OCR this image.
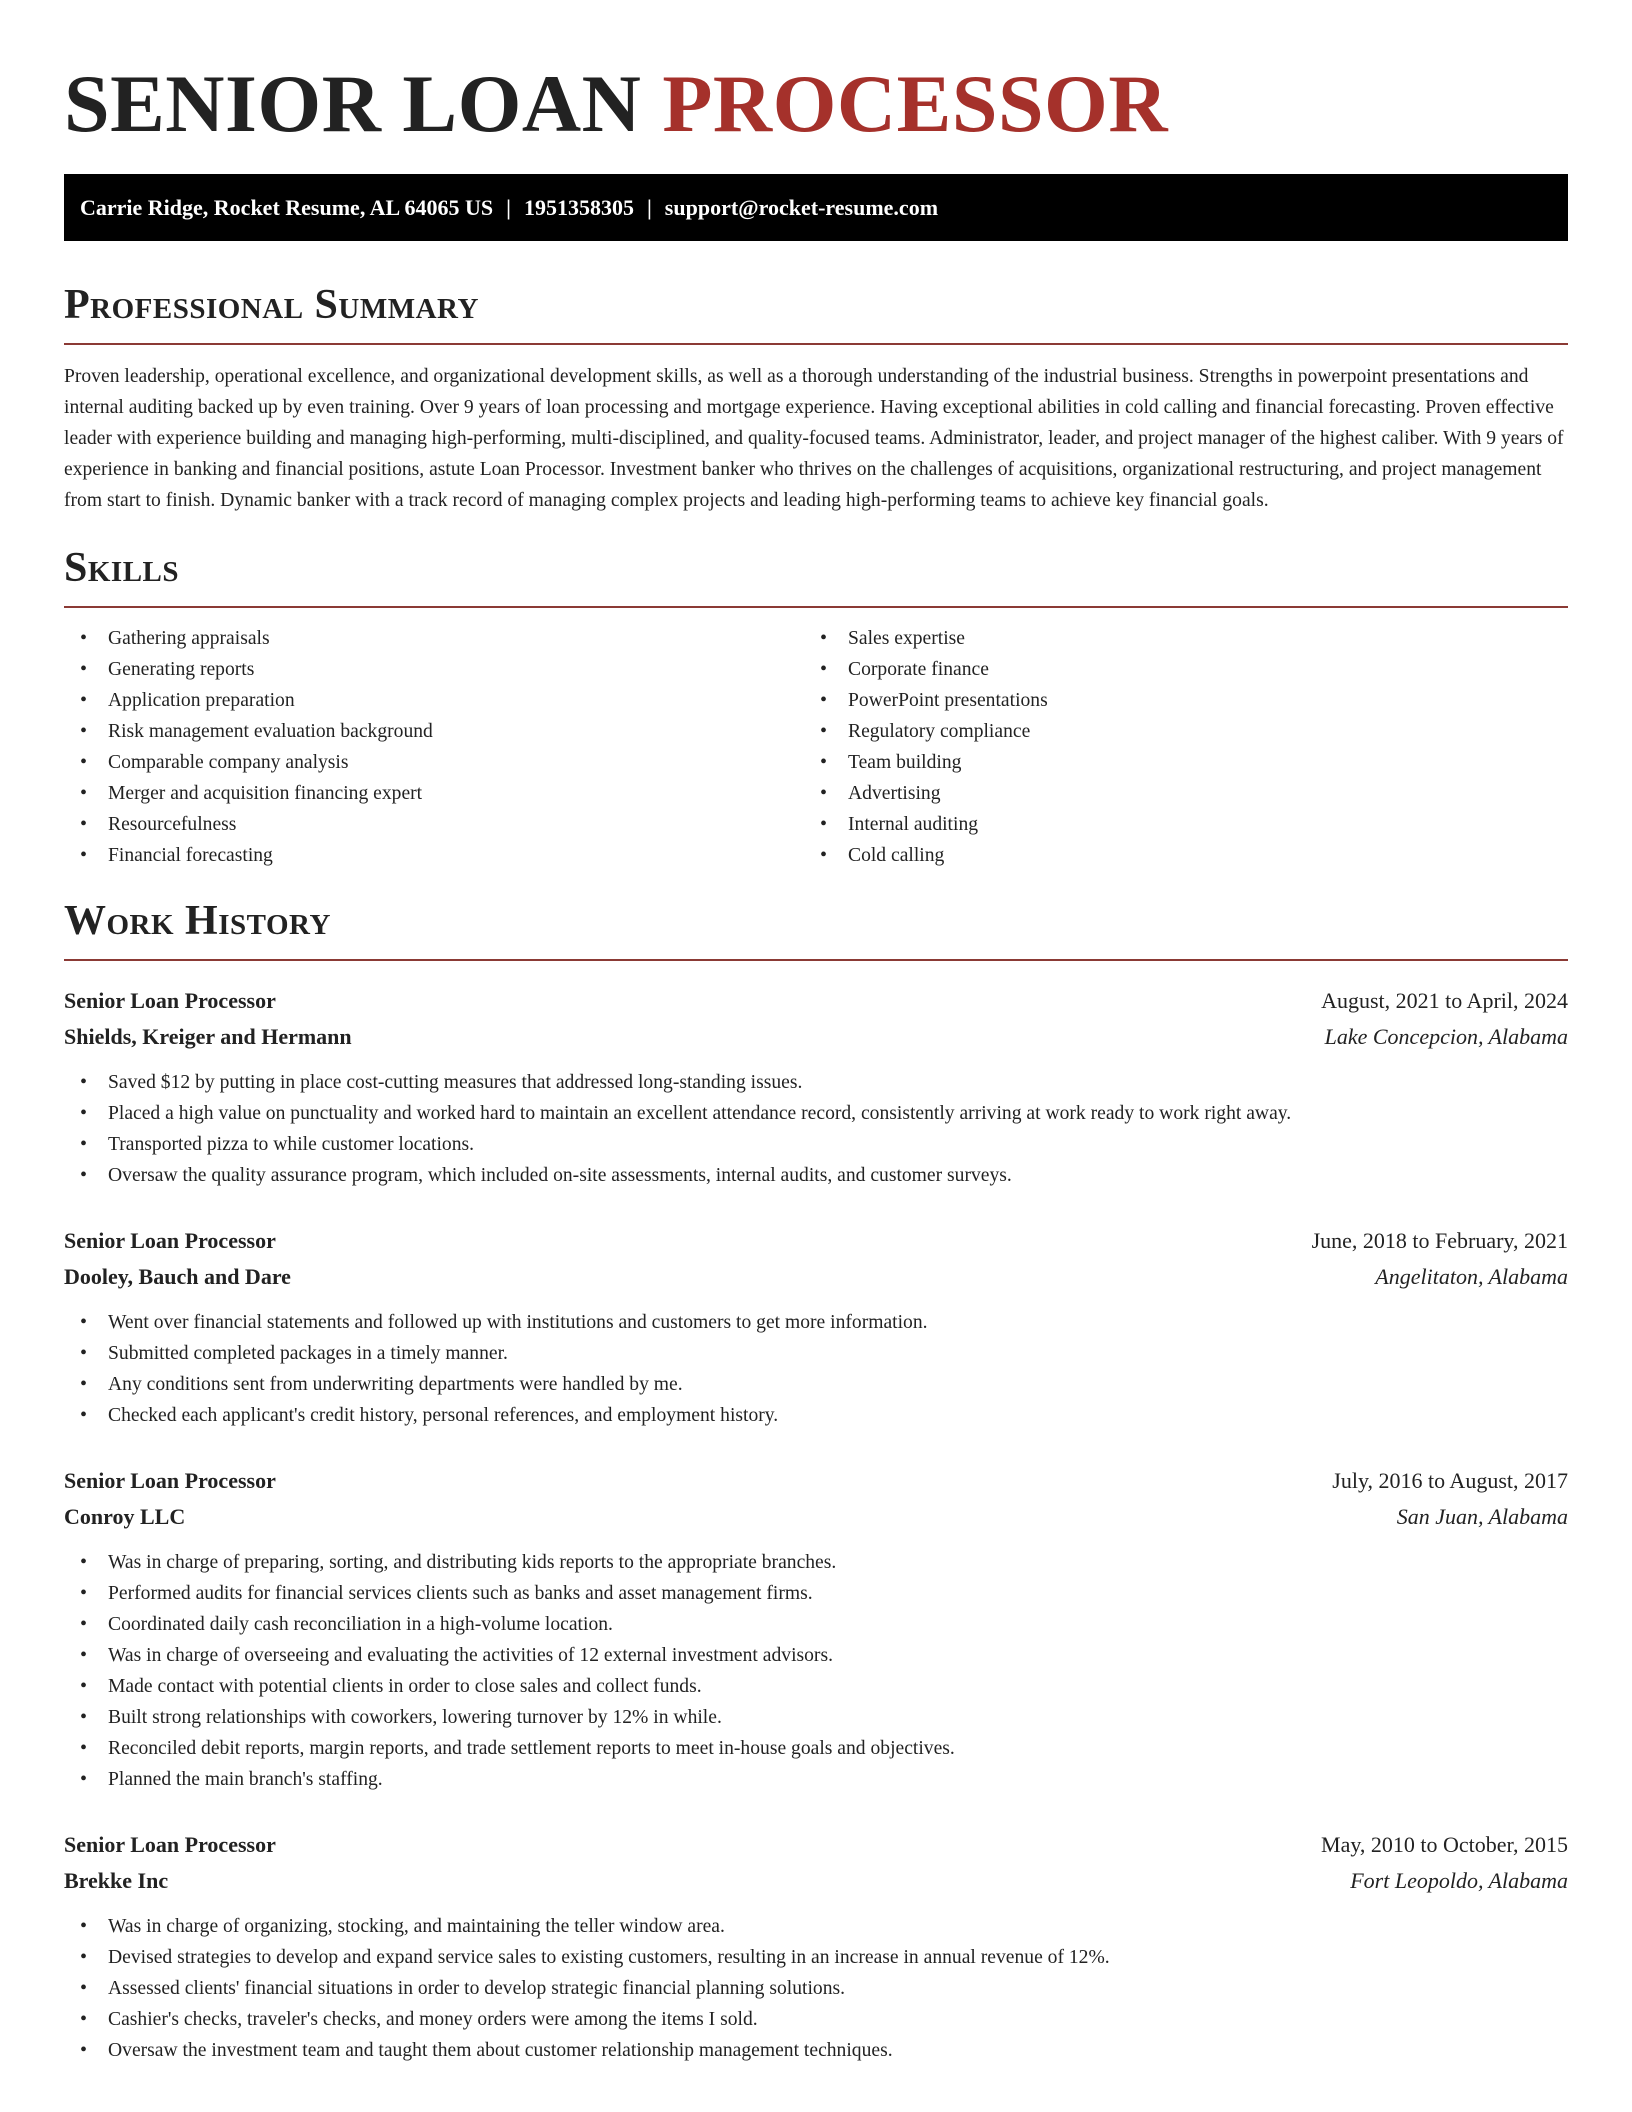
SENIOR LOAN PROCESSOR
Carrie Ridge, Rocket Resume, AL 64065 US | 1951358305 | support@rocket-resume.com
Professional Summary

Proven leadership, operational excellence, and organizational development skills, as well as a thorough understanding of the industrial business. Strengths in powerpoint presentations and internal auditing backed up by even training. Over 9 years of loan processing and mortgage experience. Having exceptional abilities in cold calling and financial forecasting. Proven effective leader with experience building and managing high-performing, multi-disciplined, and quality-focused teams. Administrator, leader, and project manager of the highest caliber. With 9 years of experience in banking and financial positions, astute Loan Processor. Investment banker who thrives on the challenges of acquisitions, organizational restructuring, and project management from start to finish. Dynamic banker with a track record of managing complex projects and leading high-performing teams to achieve key financial goals.

Skills
• Gathering appraisals
• Generating reports
• Application preparation
• Risk management evaluation background
• Comparable company analysis
• Merger and acquisition financing expert
• Resourcefulness
• Financial forecasting
• Sales expertise
• Corporate finance
• PowerPoint presentations
• Regulatory compliance
• Team building
• Advertising
• Internal auditing
• Cold calling
Work History
Senior Loan Processor	August, 2021 to April, 2024
Shields, Kreiger and Hermann	Lake Concepcion, Alabama
• Saved $12 by putting in place cost-cutting measures that addressed long-standing issues.
• Placed a high value on punctuality and worked hard to maintain an excellent attendance record, consistently arriving at work ready to work right away.
• Transported pizza to while customer locations.
• Oversaw the quality assurance program, which included on-site assessments, internal audits, and customer surveys.
Senior Loan Processor	June, 2018 to February, 2021
Dooley, Bauch and Dare	Angelitaton, Alabama
• Went over financial statements and followed up with institutions and customers to get more information.
• Submitted completed packages in a timely manner.
• Any conditions sent from underwriting departments were handled by me.
• Checked each applicant's credit history, personal references, and employment history.
Senior Loan Processor	July, 2016 to August, 2017
Conroy LLC	San Juan, Alabama
• Was in charge of preparing, sorting, and distributing kids reports to the appropriate branches.
• Performed audits for financial services clients such as banks and asset management firms.
• Coordinated daily cash reconciliation in a high-volume location.
• Was in charge of overseeing and evaluating the activities of 12 external investment advisors.
• Made contact with potential clients in order to close sales and collect funds.
• Built strong relationships with coworkers, lowering turnover by 12% in while.
• Reconciled debit reports, margin reports, and trade settlement reports to meet in-house goals and objectives.
• Planned the main branch's staffing.
Senior Loan Processor	May, 2010 to October, 2015
Brekke Inc	Fort Leopoldo, Alabama
• Was in charge of organizing, stocking, and maintaining the teller window area.
• Devised strategies to develop and expand service sales to existing customers, resulting in an increase in annual revenue of 12%.
• Assessed clients' financial situations in order to develop strategic financial planning solutions.
• Cashier's checks, traveler's checks, and money orders were among the items I sold.
• Oversaw the investment team and taught them about customer relationship management techniques.
